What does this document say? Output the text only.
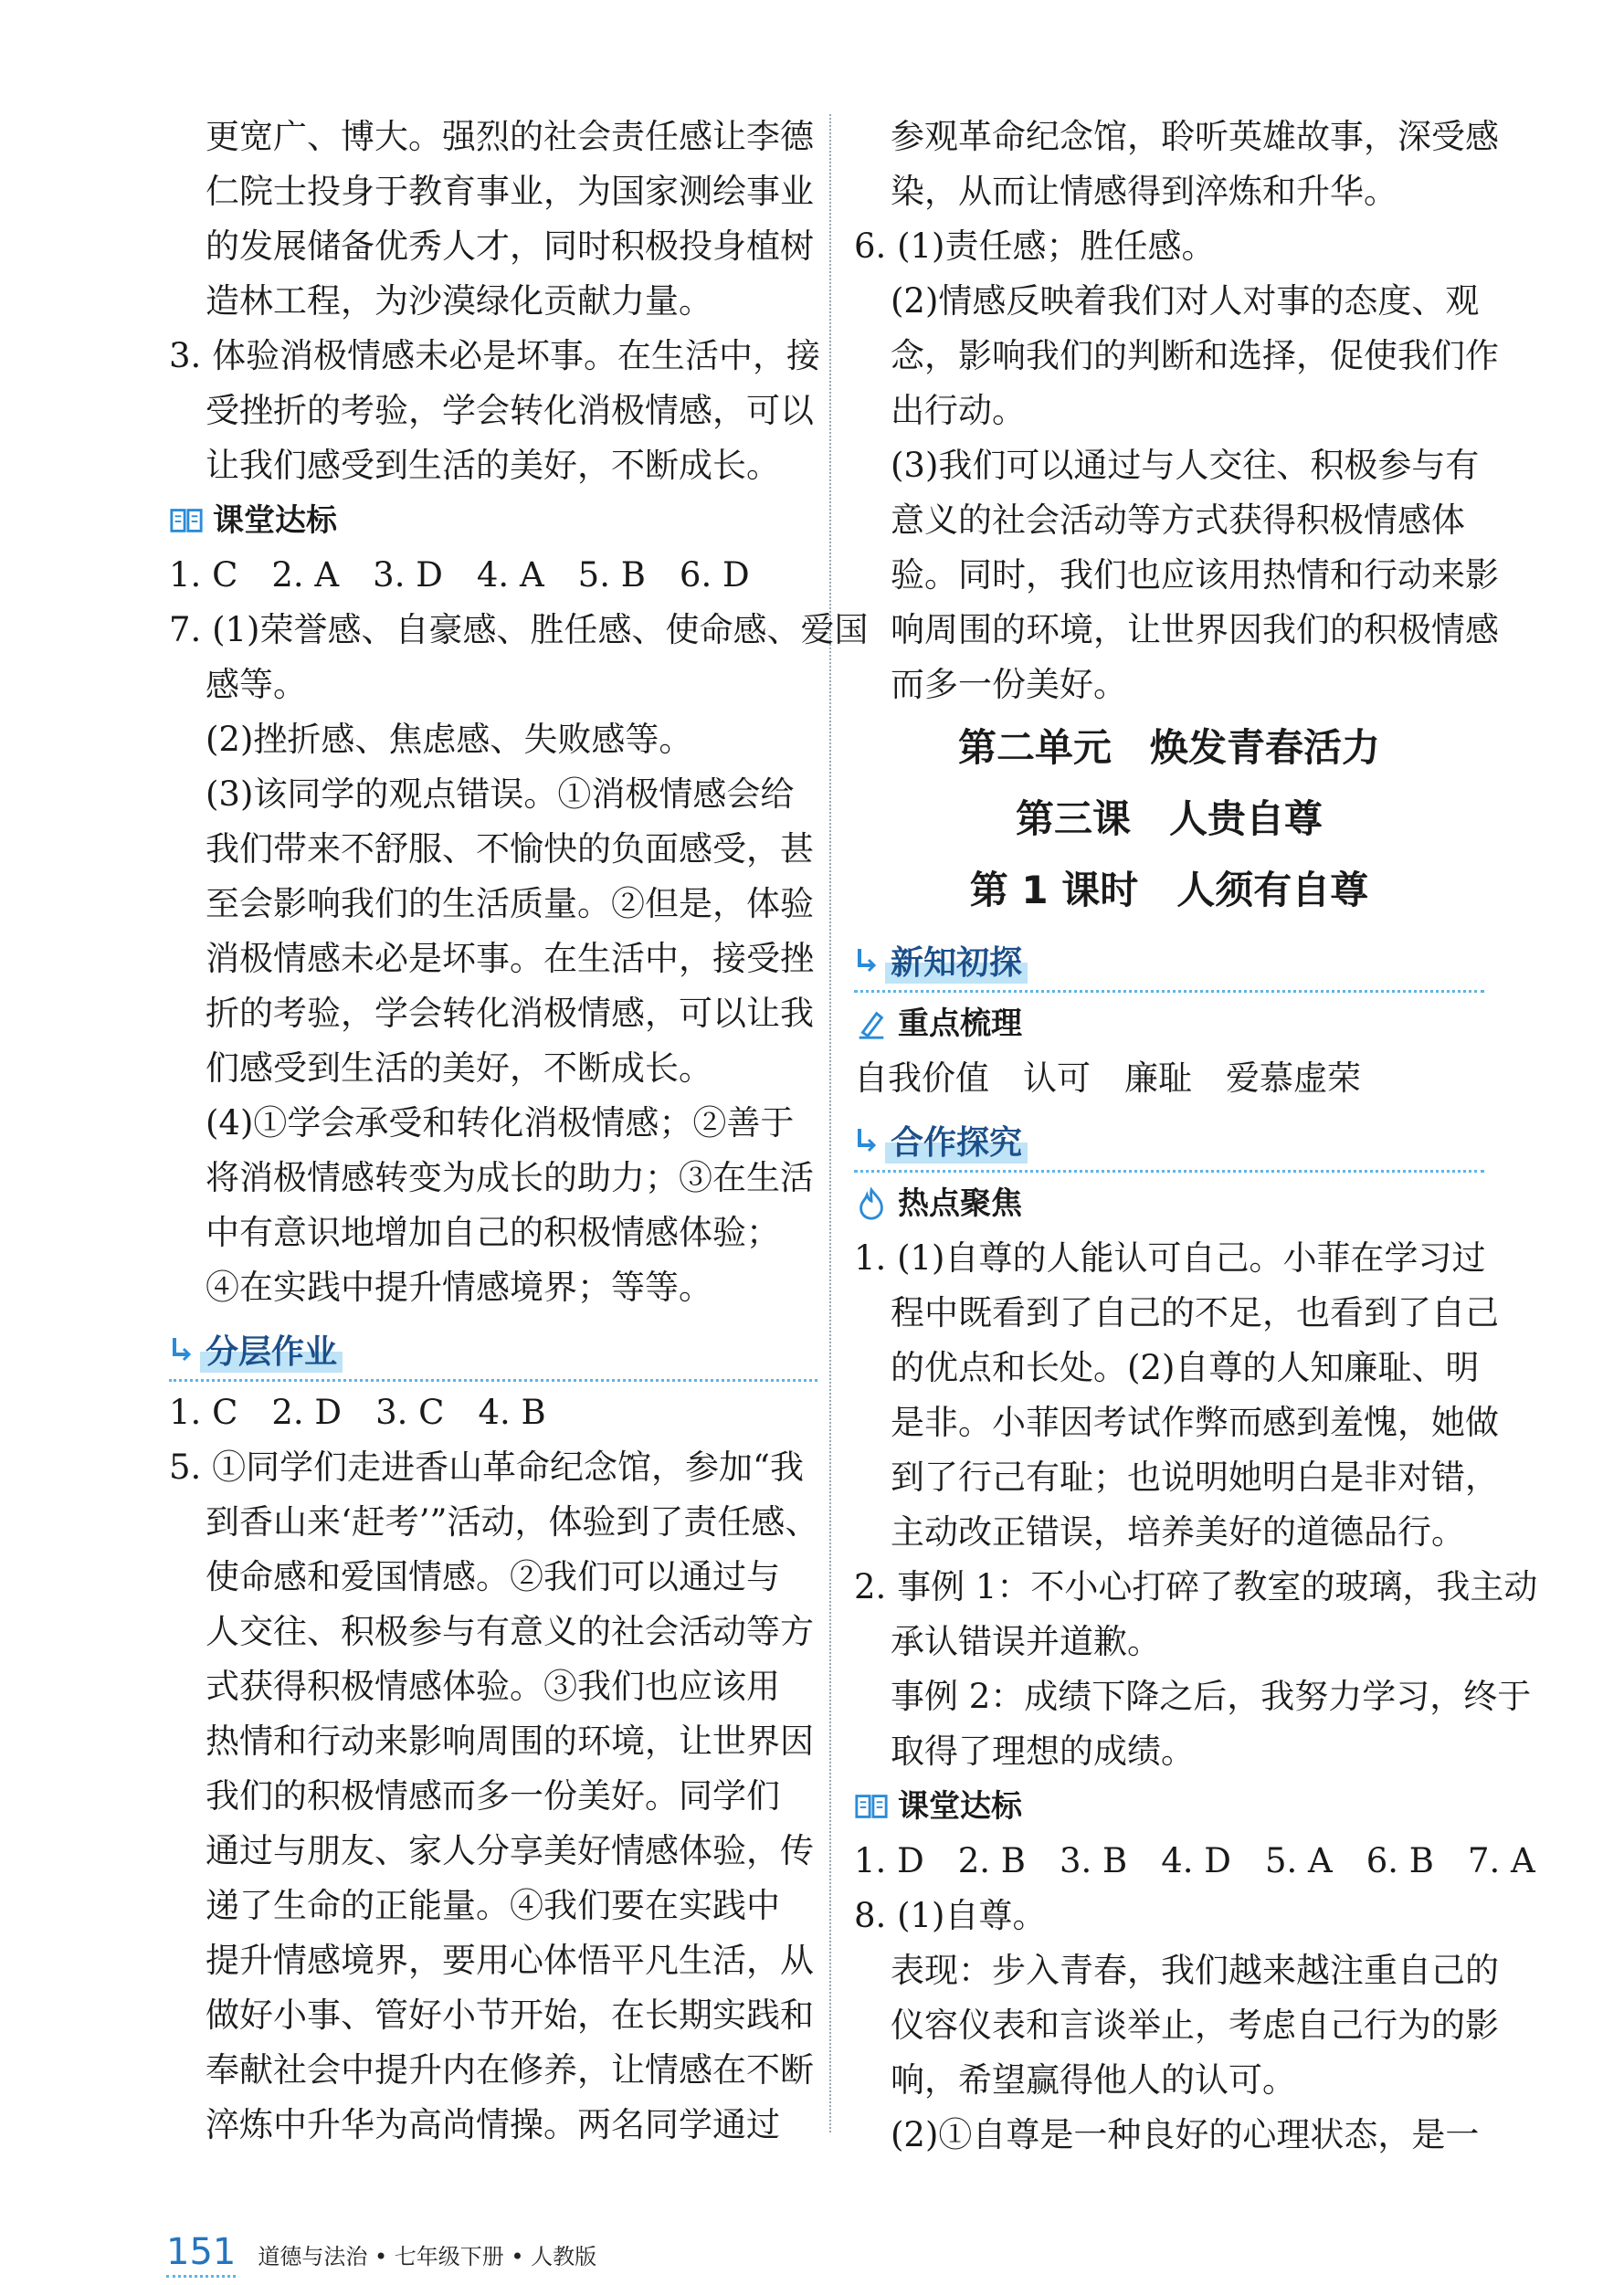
更宽广、博大。强烈的社会责任感让李德
仁院士投身于教育事业，为国家测绘事业
的发展储备优秀人才，同时积极投身植树
造林工程，为沙漠绿化贡献力量。
3. 体验消极情感未必是坏事。在生活中，接
受挫折的考验，学会转化消极情感，可以
让我们感受到生活的美好，不断成长。
课堂达标
1. C　2. A　3. D　4. A　5. B　6. D
7. (1)荣誉感、自豪感、胜任感、使命感、爱国
感等。
(2)挫折感、焦虑感、失败感等。
(3)该同学的观点错误。①消极情感会给
我们带来不舒服、不愉快的负面感受，甚
至会影响我们的生活质量。②但是，体验
消极情感未必是坏事。在生活中，接受挫
折的考验，学会转化消极情感，可以让我
们感受到生活的美好，不断成长。
(4)①学会承受和转化消极情感；②善于
将消极情感转变为成长的助力；③在生活
中有意识地增加自己的积极情感体验；
④在实践中提升情感境界；等等。
分层作业
1. C　2. D　3. C　4. B
5. ①同学们走进香山革命纪念馆，参加“我
到香山来‘赶考’”活动，体验到了责任感、
使命感和爱国情感。②我们可以通过与
人交往、积极参与有意义的社会活动等方
式获得积极情感体验。③我们也应该用
热情和行动来影响周围的环境，让世界因
我们的积极情感而多一份美好。同学们
通过与朋友、家人分享美好情感体验，传
递了生命的正能量。④我们要在实践中
提升情感境界，要用心体悟平凡生活，从
做好小事、管好小节开始，在长期实践和
奉献社会中提升内在修养，让情感在不断
淬炼中升华为高尚情操。两名同学通过
参观革命纪念馆，聆听英雄故事，深受感
染，从而让情感得到淬炼和升华。
6. (1)责任感；胜任感。
(2)情感反映着我们对人对事的态度、观
念，影响我们的判断和选择，促使我们作
出行动。
(3)我们可以通过与人交往、积极参与有
意义的社会活动等方式获得积极情感体
验。同时，我们也应该用热情和行动来影
响周围的环境，让世界因我们的积极情感
而多一份美好。
第二单元　焕发青春活力
第三课　人贵自尊
第 1 课时　人须有自尊
新知初探
重点梳理
自我价值　认可　廉耻　爱慕虚荣
合作探究
热点聚焦
1. (1)自尊的人能认可自己。小菲在学习过
程中既看到了自己的不足，也看到了自己
的优点和长处。(2)自尊的人知廉耻、明
是非。小菲因考试作弊而感到羞愧，她做
到了行己有耻；也说明她明白是非对错，
主动改正错误，培养美好的道德品行。
2. 事例 1：不小心打碎了教室的玻璃，我主动
承认错误并道歉。
事例 2：成绩下降之后，我努力学习，终于
取得了理想的成绩。
课堂达标
1. D　2. B　3. B　4. D　5. A　6. B　7. A
8. (1)自尊。
表现：步入青春，我们越来越注重自己的
仪容仪表和言谈举止，考虑自己行为的影
响，希望赢得他人的认可。
(2)①自尊是一种良好的心理状态，是一
151 道德与法治 • 七年级下册 • 人教版
